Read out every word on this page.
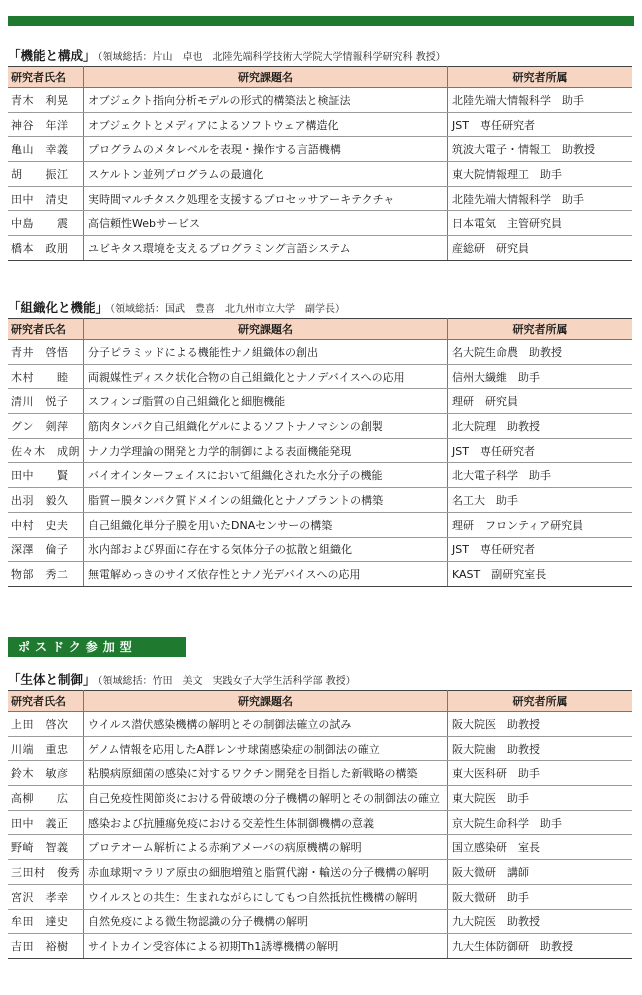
「機能と構成」 （領域総括：片山　卓也　北陸先端科学技術大学院大学情報科学研究科 教授）
研究者氏名	研究課題名	研究者所属
青木　利晃	オブジェクト指向分析モデルの形式的構築法と検証法	北陸先端大情報科学　助手
神谷　年洋	オブジェクトとメディアによるソフトウェア構造化	JST　専任研究者
亀山　幸義	プログラムのメタレベルを表現・操作する言語機構	筑波大電子・情報工　助教授
胡　　振江	スケルトン並列プログラムの最適化	東大院情報理工　助手
田中　清史	実時間マルチタスク処理を支援するプロセッサアーキテクチャ	北陸先端大情報科学　助手
中島　　震	高信頼性Webサービス	日本電気　主管研究員
橋本　政朋	ユビキタス環境を支えるプログラミング言語システム	産総研　研究員
「組織化と機能」 （領域総括：国武　豊喜　北九州市立大学　副学長）
研究者氏名	研究課題名	研究者所属
青井　啓悟	分子ピラミッドによる機能性ナノ組織体の創出	名大院生命農　助教授
木村　　睦	両親媒性ディスク状化合物の自己組織化とナノデバイスへの応用	信州大繊維　助手
清川　悦子	スフィンゴ脂質の自己組織化と細胞機能	理研　研究員
グン　剣萍	筋肉タンパク自己組織化ゲルによるソフトナノマシンの創製	北大院理　助教授
佐々木　成朗	ナノ力学理論の開発と力学的制御による表面機能発現	JST　専任研究者
田中　　賢	バイオインターフェイスにおいて組織化された水分子の機能	北大電子科学　助手
出羽　毅久	脂質ー膜タンパク質ドメインの組織化とナノプラントの構築	名工大　助手
中村　史夫	自己組織化単分子膜を用いたDNAセンサーの構築	理研　フロンティア研究員
深澤　倫子	氷内部および界面に存在する気体分子の拡散と組織化	JST　専任研究者
物部　秀二	無電解めっきのサイズ依存性とナノ光デバイスへの応用	KAST　副研究室長
ポスドク参加型
「生体と制御」 （領域総括：竹田　美文　実践女子大学生活科学部 教授）
研究者氏名	研究課題名	研究者所属
上田　啓次	ウイルス潜伏感染機構の解明とその制御法確立の試み	阪大院医　助教授
川端　重忠	ゲノム情報を応用したA群レンサ球菌感染症の制御法の確立	阪大院歯　助教授
鈴木　敏彦	粘膜病原細菌の感染に対するワクチン開発を目指した新戦略の構築	東大医科研　助手
高柳　　広	自己免疫性関節炎における骨破壊の分子機構の解明とその制御法の確立	東大院医　助手
田中　義正	感染および抗腫瘍免疫における交差性生体制御機構の意義	京大院生命科学　助手
野崎　智義	プロテオーム解析による赤痢アメーバの病原機構の解明	国立感染研　室長
三田村　俊秀	赤血球期マラリア原虫の細胞増殖と脂質代謝・輸送の分子機構の解明	阪大微研　講師
宮沢　孝幸	ウイルスとの共生：生まれながらにしてもつ自然抵抗性機構の解明	阪大微研　助手
牟田　達史	自然免疫による微生物認識の分子機構の解明	九大院医　助教授
吉田　裕樹	サイトカイン受容体による初期Th1誘導機構の解明	九大生体防御研　助教授
